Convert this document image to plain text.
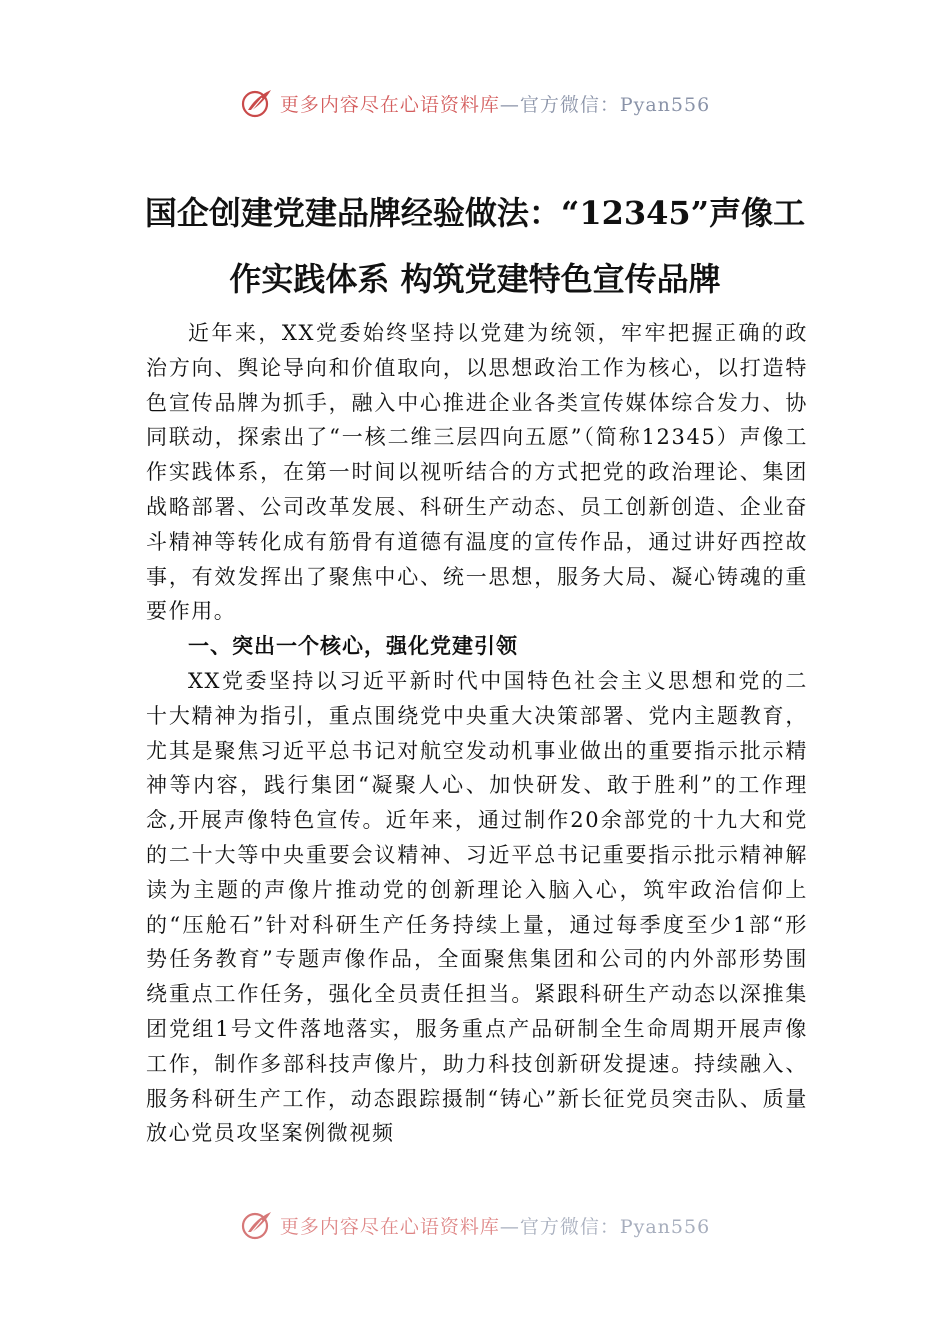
更多内容尽在心语资料库 —官方微信：Pyan556
国企创建党建品牌经验做法：“12345”声像工作实践体系 构筑党建特色宣传品牌

近年来，XX党委始终坚持以党建为统领，牢牢把握正确的政治方向、舆论导向和价值取向，以思想政治工作为核心，以打造特色宣传品牌为抓手，融入中心推进企业各类宣传媒体综合发力、协同联动，探索出了“一核二维三层四向五愿”（简称12345）声像工作实践体系，在第一时间以视听结合的方式把党的政治理论、集团战略部署、公司改革发展、科研生产动态、员工创新创造、企业奋斗精神等转化成有筋骨有道德有温度的宣传作品，通过讲好西控故事，有效发挥出了聚焦中心、统一思想，服务大局、凝心铸魂的重要作用。

一、突出一个核心，强化党建引领

XX党委坚持以习近平新时代中国特色社会主义思想和党的二十大精神为指引，重点围绕党中央重大决策部署、党内主题教育，尤其是聚焦习近平总书记对航空发动机事业做出的重要指示批示精神等内容，践行集团“凝聚人心、加快研发、敢于胜利”的工作理念,开展声像特色宣传。近年来，通过制作20余部党的十九大和党的二十大等中央重要会议精神、习近平总书记重要指示批示精神解读为主题的声像片推动党的创新理论入脑入心，筑牢政治信仰上的“压舱石”针对科研生产任务持续上量，通过每季度至少1部“形势任务教育”专题声像作品，全面聚焦集团和公司的内外部形势围绕重点工作任务，强化全员责任担当。紧跟科研生产动态以深推集团党组1号文件落地落实，服务重点产品研制全生命周期开展声像工作，制作多部科技声像片，助力科技创新研发提速。持续融入、服务科研生产工作，动态跟踪摄制“铸心”新长征党员突击队、质量放心党员攻坚案例微视频

更多内容尽在心语资料库 —官方微信：Pyan556
